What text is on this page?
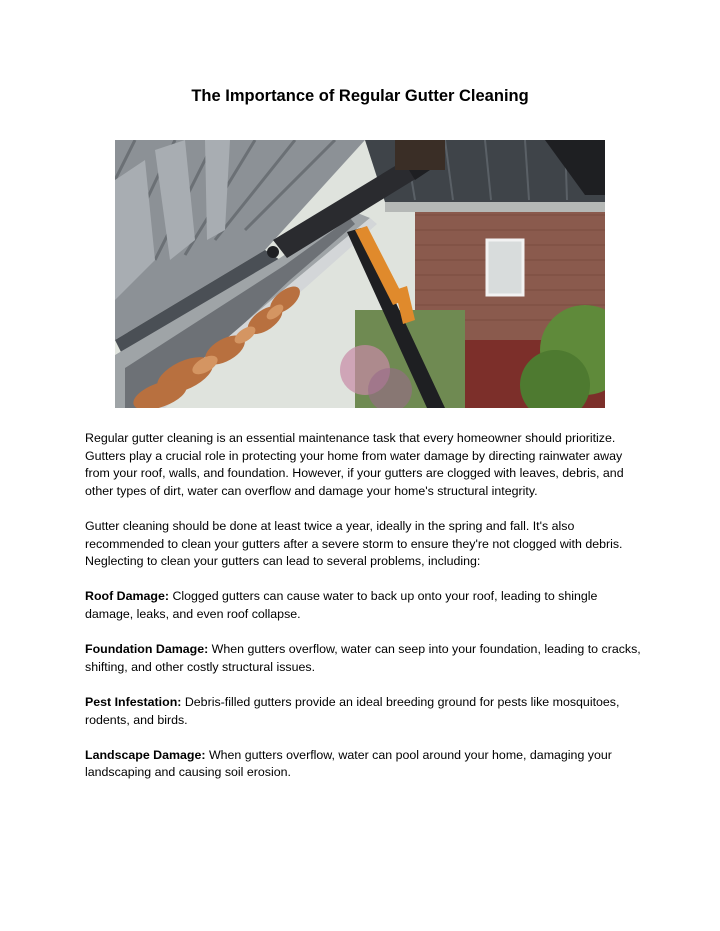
The Importance of Regular Gutter Cleaning

Regular gutter cleaning is an essential maintenance task that every homeowner should prioritize. Gutters play a crucial role in protecting your home from water damage by directing rainwater away from your roof, walls, and foundation. However, if your gutters are clogged with leaves, debris, and other types of dirt, water can overflow and damage your home's structural integrity.

Gutter cleaning should be done at least twice a year, ideally in the spring and fall. It's also recommended to clean your gutters after a severe storm to ensure they're not clogged with debris. Neglecting to clean your gutters can lead to several problems, including:

Roof Damage: Clogged gutters can cause water to back up onto your roof, leading to shingle damage, leaks, and even roof collapse.

Foundation Damage: When gutters overflow, water can seep into your foundation, leading to cracks, shifting, and other costly structural issues.

Pest Infestation: Debris-filled gutters provide an ideal breeding ground for pests like mosquitoes, rodents, and birds.

Landscape Damage: When gutters overflow, water can pool around your home, damaging your landscaping and causing soil erosion.
